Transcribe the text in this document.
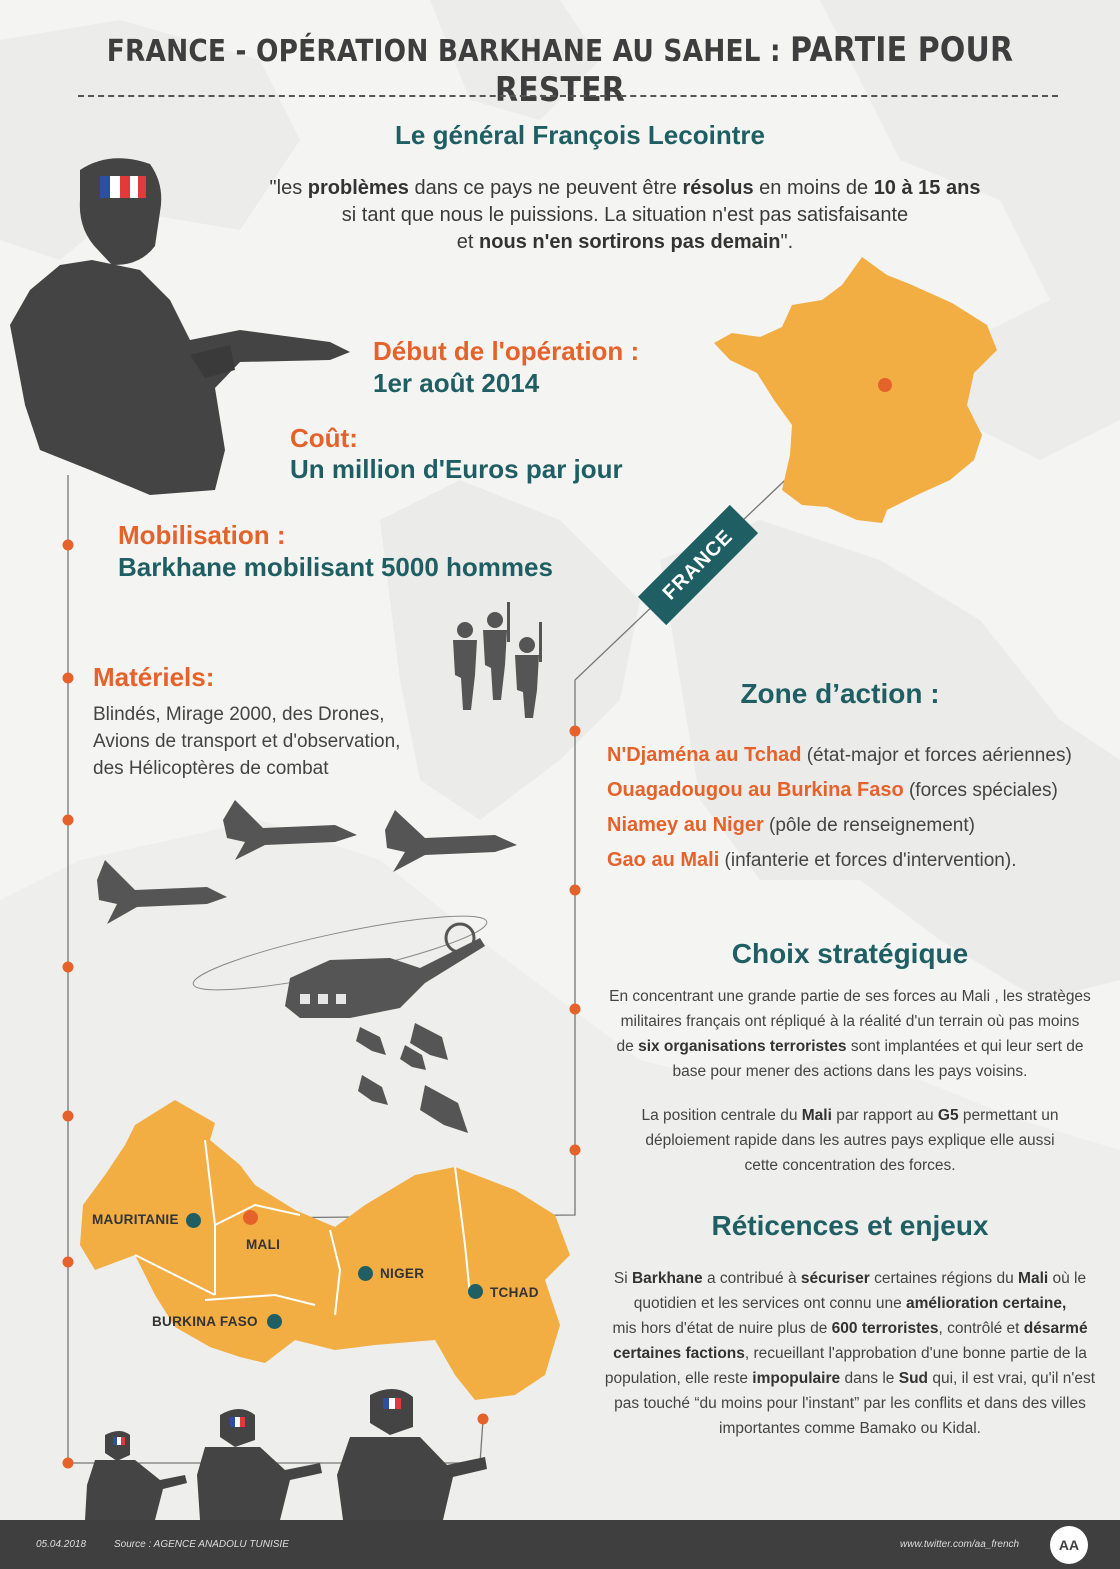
FRANCE - OPÉRATION BARKHANE AU SAHEL : PARTIE POUR RESTER
Le général François Lecointre
"les problèmes dans ce pays ne peuvent être résolus en moins de 10 à 15 ans
si tant que nous le puissions. La situation n'est pas satisfaisante
et nous n'en sortirons pas demain".
Début de l'opération :
1er août 2014
Coût:
Un million d'Euros par jour
Mobilisation :
Barkhane mobilisant 5000 hommes
Matériels:
Blindés, Mirage 2000, des Drones,
Avions de transport et d'observation,
des Hélicoptères de combat
FRANCE
MAURITANIE
MALI
NIGER
TCHAD
BURKINA FASO
Zone d’action :
N'Djaména au Tchad (état-major et forces aériennes)
Ouagadougou au Burkina Faso (forces spéciales)
Niamey au Niger (pôle de renseignement)
Gao au Mali (infanterie et forces d'intervention).
Choix stratégique
En concentrant une grande partie de ses forces au Mali , les stratèges
militaires français ont répliqué à la réalité d'un terrain où pas moins
de six organisations terroristes sont implantées et qui leur sert de
base pour mener des actions dans les pays voisins.
La position centrale du Mali par rapport au G5 permettant un
déploiement rapide dans les autres pays explique elle aussi
cette concentration des forces.
Réticences et enjeux
Si Barkhane a contribué à sécuriser certaines régions du Mali où le
quotidien et les services ont connu une amélioration certaine,
mis hors d'état de nuire plus de 600 terroristes, contrôlé et désarmé
certaines factions, recueillant l'approbation d'une bonne partie de la
population, elle reste impopulaire dans le Sud qui, il est vrai, qu'il n'est
pas touché “du moins pour l'instant” par les conflits et dans des villes
importantes comme Bamako ou Kidal.
05.04.2018	Source : AGENCE ANADOLU TUNISIE	www.twitter.com/aa_french	AA
